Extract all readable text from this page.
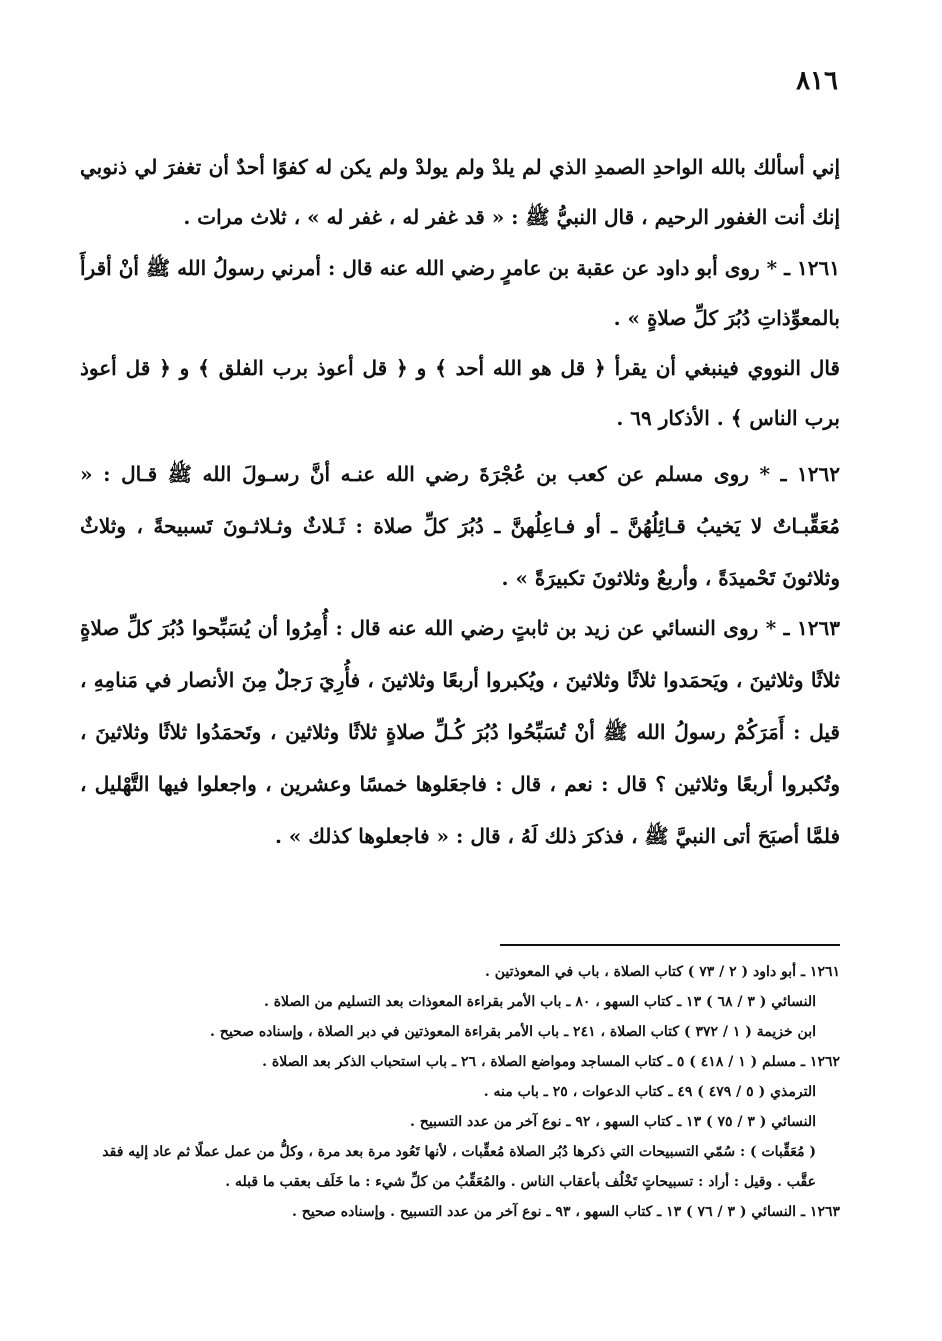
٨١٦

إني أسألك بالله الواحدِ الصمدِ الذي لم يلدْ ولم يولدْ ولم يكن له كفوًا أحدٌ أن تغفرَ لي ذنوبي إنك أنت الغفور الرحيم ، قال النبيُّ ﷺ : « قد غفر له ، غفر له » ، ثلاث مرات .

١٢٦١ ـ * روى أبو داود عن عقبة بن عامرٍ رضي الله عنه قال : أمرني رسولُ الله ﷺ أنْ أقرأَ بالمعوِّذاتِ دُبُرَ كلِّ صلاةٍ » .

قال النووي فينبغي أن يقرأ ﴿ قل هو الله أحد ﴾ و ﴿ قل أعوذ برب الفلق ﴾ و ﴿ قل أعوذ برب الناس ﴾ . الأذكار ٦٩ .

١٢٦٢ ـ * روى مسلم عن كعب بن عُجْرَةَ رضي الله عنـه أنَّ رسـولَ الله ﷺ قـال : « مُعَقِّبـاتٌ لا يَخيبُ قـائِلُهُنَّ ـ أو فـاعِلُهنَّ ـ دُبُرَ كلِّ صلاة : ثَـلاثٌ وثـلاثـونَ تَسبيحةً ، وثلاثٌ وثلاثونَ تَحْميدَةً ، وأربعٌ وثلاثونَ تكبيرَةً » .

١٢٦٣ ـ * روى النسائي عن زيد بن ثابتٍ رضي الله عنه قال : أُمِرُوا أن يُسَبِّحوا دُبُرَ كلِّ صلاةٍ ثلاثًا وثلاثينَ ، ويَحمَدوا ثلاثًا وثلاثينَ ، ويُكبروا أربعًا وثلاثينَ ، فأُرِيَ رَجلٌ مِنَ الأنصار في مَنامِهِ ، قيل : أَمَرَكُمْ رسولُ الله ﷺ أنْ تُسَبِّحُوا دُبُرَ كُـلِّ صلاةٍ ثلاثًا وثلاثين ، وتَحمَدُوا ثلاثًا وثلاثينَ ، وتُكبروا أربعًا وثلاثين ؟ قال : نعم ، قال : فاجعَلوها خمسًا وعشرين ، واجعلوا فيها التَّهْليل ، فلمَّا أصبَحَ أتى النبيَّ ﷺ ، فذكرَ ذلك لَهُ ، قال : « فاجعلوها كذلك » .

١٢٦١ ـ أبو داود ( ٢ / ٧٣ ) كتاب الصلاة ، باب في المعوذتين .

النسائي ( ٣ / ٦٨ ) ١٣ ـ كتاب السهو ، ٨٠ ـ باب الأمر بقراءة المعوذات بعد التسليم من الصلاة .

ابن خزيمة ( ١ / ٣٧٢ ) كتاب الصلاة ، ٢٤١ ـ باب الأمر بقراءة المعوذتين في دبر الصلاة ، وإسناده صحيح .

١٢٦٢ ـ مسلم ( ١ / ٤١٨ ) ٥ ـ كتاب المساجد ومواضع الصلاة ، ٢٦ ـ باب استحباب الذكر بعد الصلاة .

الترمذي ( ٥ / ٤٧٩ ) ٤٩ ـ كتاب الدعوات ، ٢٥ ـ باب منه .

النسائي ( ٣ / ٧٥ ) ١٣ ـ كتاب السهو ، ٩٢ ـ نوع آخر من عدد التسبيح .

( مُعَقِّبات ) : سُمّي التسبيحات التي ذكرها دُبُر الصلاة مُعقِّبات ، لأنها تَعُود مرة بعد مرة ، وكلُّ من عمل عملًا ثم عاد إليه فقد عقَّب . وقيل : أراد : تسبيحاتٍ تَخْلُف بأعقاب الناس . والمُعَقِّبُ من كلِّ شيء : ما خَلَف بعقب ما قبله .

١٢٦٣ ـ النسائي ( ٣ / ٧٦ ) ١٣ ـ كتاب السهو ، ٩٣ ـ نوع آخر من عدد التسبيح . وإسناده صحيح .
